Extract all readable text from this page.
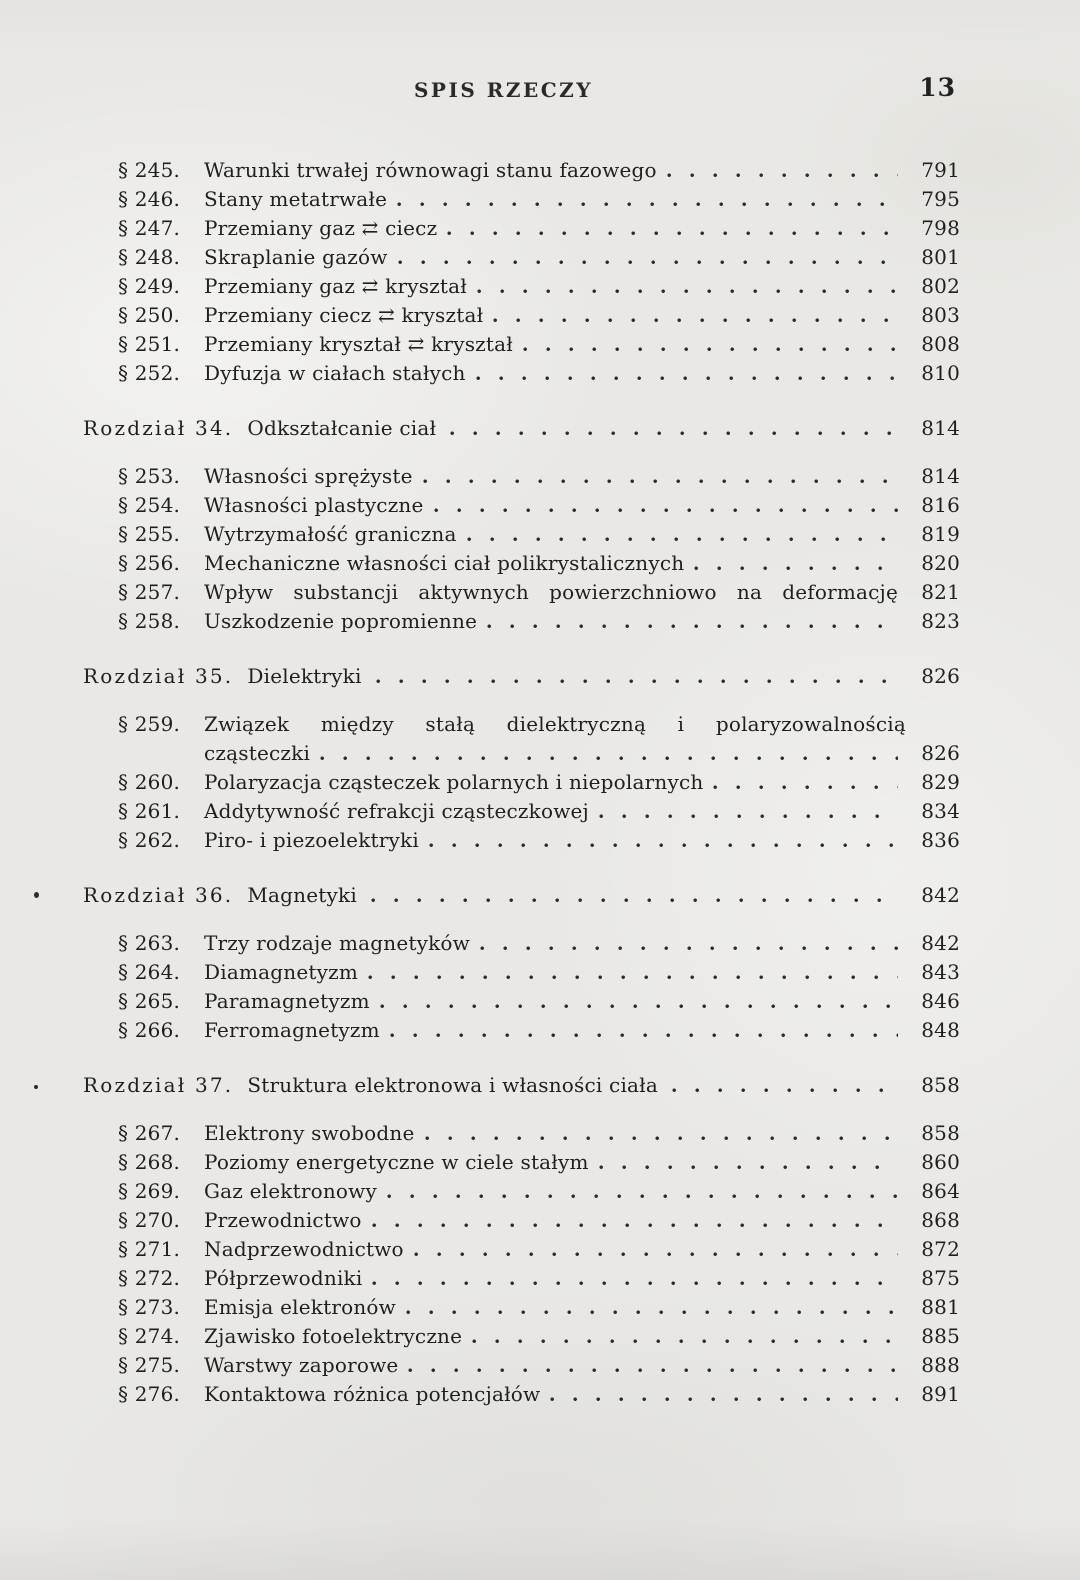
SPIS RZECZY	13
§ 245.	Warunki trwałej równowagi stanu fazowego	791
§ 246.	Stany metatrwałe	795
§ 247.	Przemiany gaz ⇄ ciecz	798
§ 248.	Skraplanie gazów	801
§ 249.	Przemiany gaz ⇄ kryształ	802
§ 250.	Przemiany ciecz ⇄ kryształ	803
§ 251.	Przemiany kryształ ⇄ kryształ	808
§ 252.	Dyfuzja w ciałach stałych	810
Rozdział 34. Odkształcanie ciał	814
§ 253.	Własności sprężyste	814
§ 254.	Własności plastyczne	816
§ 255.	Wytrzymałość graniczna	819
§ 256.	Mechaniczne własności ciał polikrystalicznych	820
§ 257.	Wpływ substancji aktywnych powierzchniowo na deformację	821
§ 258.	Uszkodzenie popromienne	823
Rozdział 35. Dielektryki	826
§ 259.	Związek między stałą dielektryczną i polaryzowalnością
cząsteczki	826
§ 260.	Polaryzacja cząsteczek polarnych i niepolarnych	829
§ 261.	Addytywność refrakcji cząsteczkowej	834
§ 262.	Piro- i piezoelektryki	836
Rozdział 36. Magnetyki	842
§ 263.	Trzy rodzaje magnetyków	842
§ 264.	Diamagnetyzm	843
§ 265.	Paramagnetyzm	846
§ 266.	Ferromagnetyzm	848
Rozdział 37. Struktura elektronowa i własności ciała	858
§ 267.	Elektrony swobodne	858
§ 268.	Poziomy energetyczne w ciele stałym	860
§ 269.	Gaz elektronowy	864
§ 270.	Przewodnictwo	868
§ 271.	Nadprzewodnictwo	872
§ 272.	Półprzewodniki	875
§ 273.	Emisja elektronów	881
§ 274.	Zjawisko fotoelektryczne	885
§ 275.	Warstwy zaporowe	888
§ 276.	Kontaktowa różnica potencjałów	891
